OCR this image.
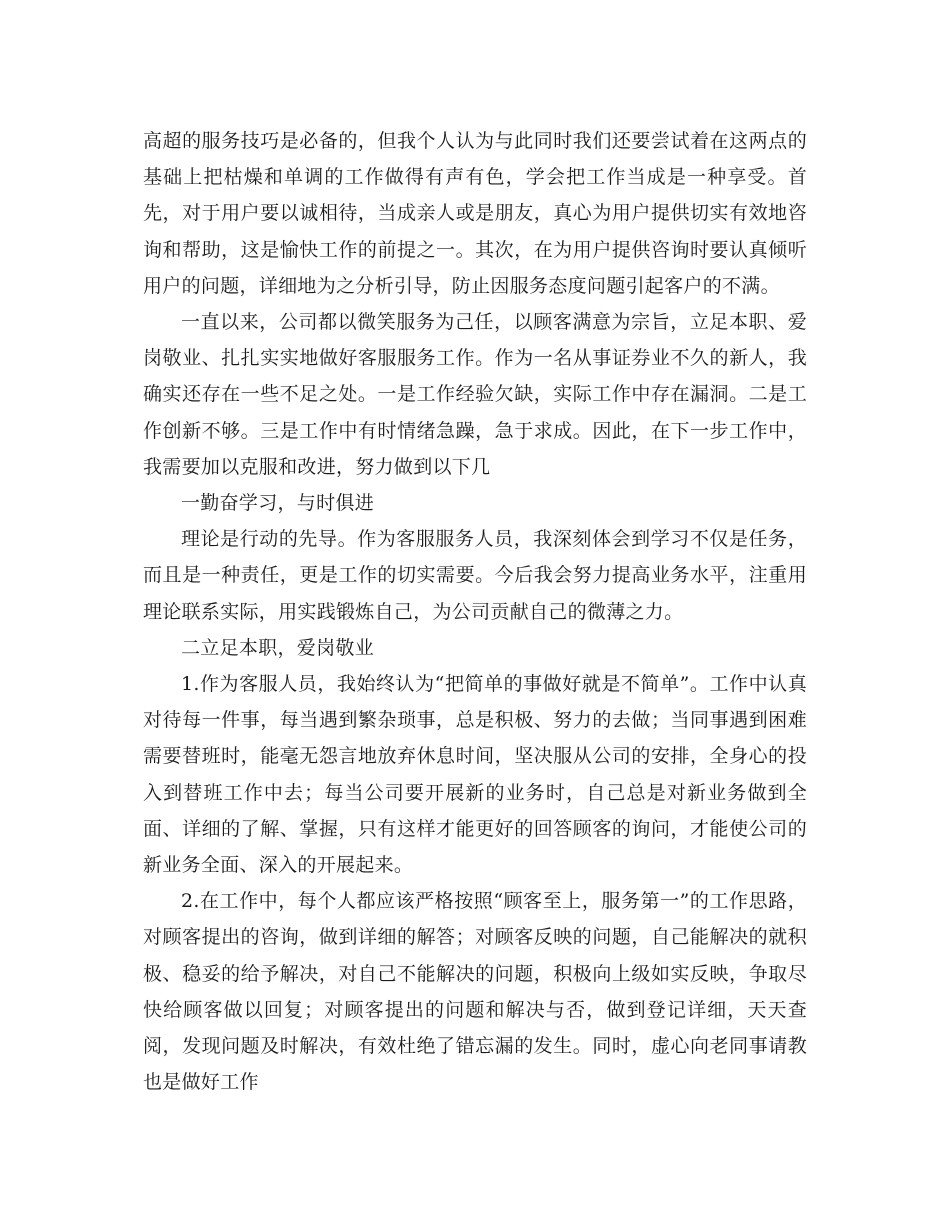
高超的服务技巧是必备的，但我个人认为与此同时我们还要尝试着在这两点的基础上把枯燥和单调的工作做得有声有色，学会把工作当成是一种享受。首先，对于用户要以诚相待，当成亲人或是朋友，真心为用户提供切实有效地咨询和帮助，这是愉快工作的前提之一。其次，在为用户提供咨询时要认真倾听用户的问题，详细地为之分析引导，防止因服务态度问题引起客户的不满。

一直以来，公司都以微笑服务为己任，以顾客满意为宗旨，立足本职、爱岗敬业、扎扎实实地做好客服服务工作。作为一名从事证券业不久的新人，我确实还存在一些不足之处。一是工作经验欠缺，实际工作中存在漏洞。二是工作创新不够。三是工作中有时情绪急躁，急于求成。因此，在下一步工作中，我需要加以克服和改进，努力做到以下几

一勤奋学习，与时俱进

理论是行动的先导。作为客服服务人员，我深刻体会到学习不仅是任务，而且是一种责任，更是工作的切实需要。今后我会努力提高业务水平，注重用理论联系实际，用实践锻炼自己，为公司贡献自己的微薄之力。

二立足本职，爱岗敬业

1.作为客服人员，我始终认为“把简单的事做好就是不简单”。工作中认真对待每一件事，每当遇到繁杂琐事，总是积极、努力的去做；当同事遇到困难需要替班时，能毫无怨言地放弃休息时间，坚决服从公司的安排，全身心的投入到替班工作中去；每当公司要开展新的业务时，自己总是对新业务做到全面、详细的了解、掌握，只有这样才能更好的回答顾客的询问，才能使公司的新业务全面、深入的开展起来。

2.在工作中，每个人都应该严格按照“顾客至上，服务第一”的工作思路，对顾客提出的咨询，做到详细的解答；对顾客反映的问题，自己能解决的就积极、稳妥的给予解决，对自己不能解决的问题，积极向上级如实反映，争取尽快给顾客做以回复；对顾客提出的问题和解决与否，做到登记详细，天天查阅，发现问题及时解决，有效杜绝了错忘漏的发生。同时，虚心向老同事请教也是做好工作
